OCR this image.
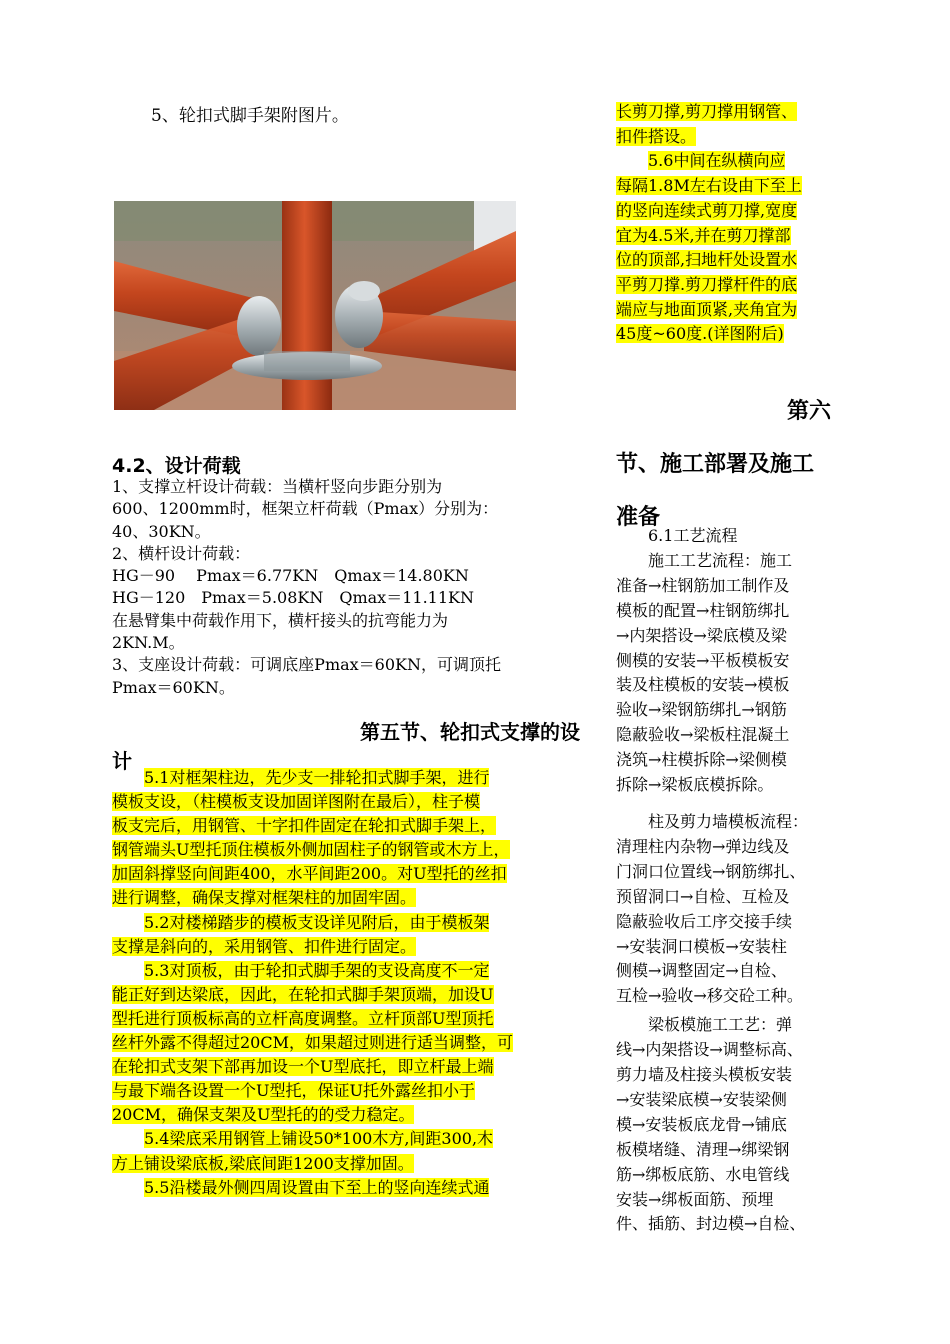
5、轮扣式脚手架附图片。
4.2、设计荷载
1、支撑立杆设计荷载：当横杆竖向步距分别为
600、1200mm时，框架立杆荷载（Pmax）分别为：
40、30KN。
2、横杆设计荷载：
HG－90　 Pmax＝6.77KN　Qmax＝14.80KN
HG－120　Pmax＝5.08KN　Qmax＝11.11KN
在悬臂集中荷载作用下，横杆接头的抗弯能力为
2KN.M。
3、支座设计荷载：可调底座Pmax＝60KN，可调顶托
Pmax＝60KN。
第五节、轮扣式支撑的设
计
5.1对框架柱边，先少支一排轮扣式脚手架，进行
模板支设，（柱模板支设加固详图附在最后），柱子模
板支完后，用钢管、十字扣件固定在轮扣式脚手架上，
钢管端头U型托顶住模板外侧加固柱子的钢管或木方上，
加固斜撑竖向间距400，水平间距200。对U型托的丝扣
进行调整，确保支撑对框架柱的加固牢固。
5.2对楼梯踏步的模板支设详见附后，由于模板架
支撑是斜向的，采用钢管、扣件进行固定。
5.3对顶板，由于轮扣式脚手架的支设高度不一定
能正好到达梁底，因此，在轮扣式脚手架顶端，加设U
型托进行顶板标高的立杆高度调整。立杆顶部U型顶托
丝杆外露不得超过20CM，如果超过则进行适当调整，可
在轮扣式支架下部再加设一个U型底托，即立杆最上端
与最下端各设置一个U型托，保证U托外露丝扣小于
20CM，确保支架及U型托的的受力稳定。
5.4梁底采用钢管上铺设50*100木方,间距300,木
方上铺设梁底板,梁底间距1200支撑加固。
5.5沿楼最外侧四周设置由下至上的竖向连续式通
长剪刀撑,剪刀撑用钢管、
扣件搭设。
5.6中间在纵横向应
每隔1.8M左右设由下至上
的竖向连续式剪刀撑,宽度
宜为4.5米,并在剪刀撑部
位的顶部,扫地杆处设置水
平剪刀撑.剪刀撑杆件的底
端应与地面顶紧,夹角宜为
45度~60度.(详图附后)
第六
节、施工部署及施工
准备
6.1工艺流程
施工工艺流程：施工
准备→柱钢筋加工制作及
模板的配置→柱钢筋绑扎
→内架搭设→梁底模及梁
侧模的安装→平板模板安
装及柱模板的安装→模板
验收→梁钢筋绑扎→钢筋
隐蔽验收→梁板柱混凝土
浇筑→柱模拆除→梁侧模
拆除→梁板底模拆除。
柱及剪力墙模板流程：
清理柱内杂物→弹边线及
门洞口位置线→钢筋绑扎、
预留洞口→自检、互检及
隐蔽验收后工序交接手续
→安装洞口模板→安装柱
侧模→调整固定→自检、
互检→验收→移交砼工种。
梁板模施工工艺：弹
线→内架搭设→调整标高、
剪力墙及柱接头模板安装
→安装梁底模→安装梁侧
模→安装板底龙骨→铺底
板模堵缝、清理→绑梁钢
筋→绑板底筋、水电管线
安装→绑板面筋、预埋
件、插筋、封边模→自检、
